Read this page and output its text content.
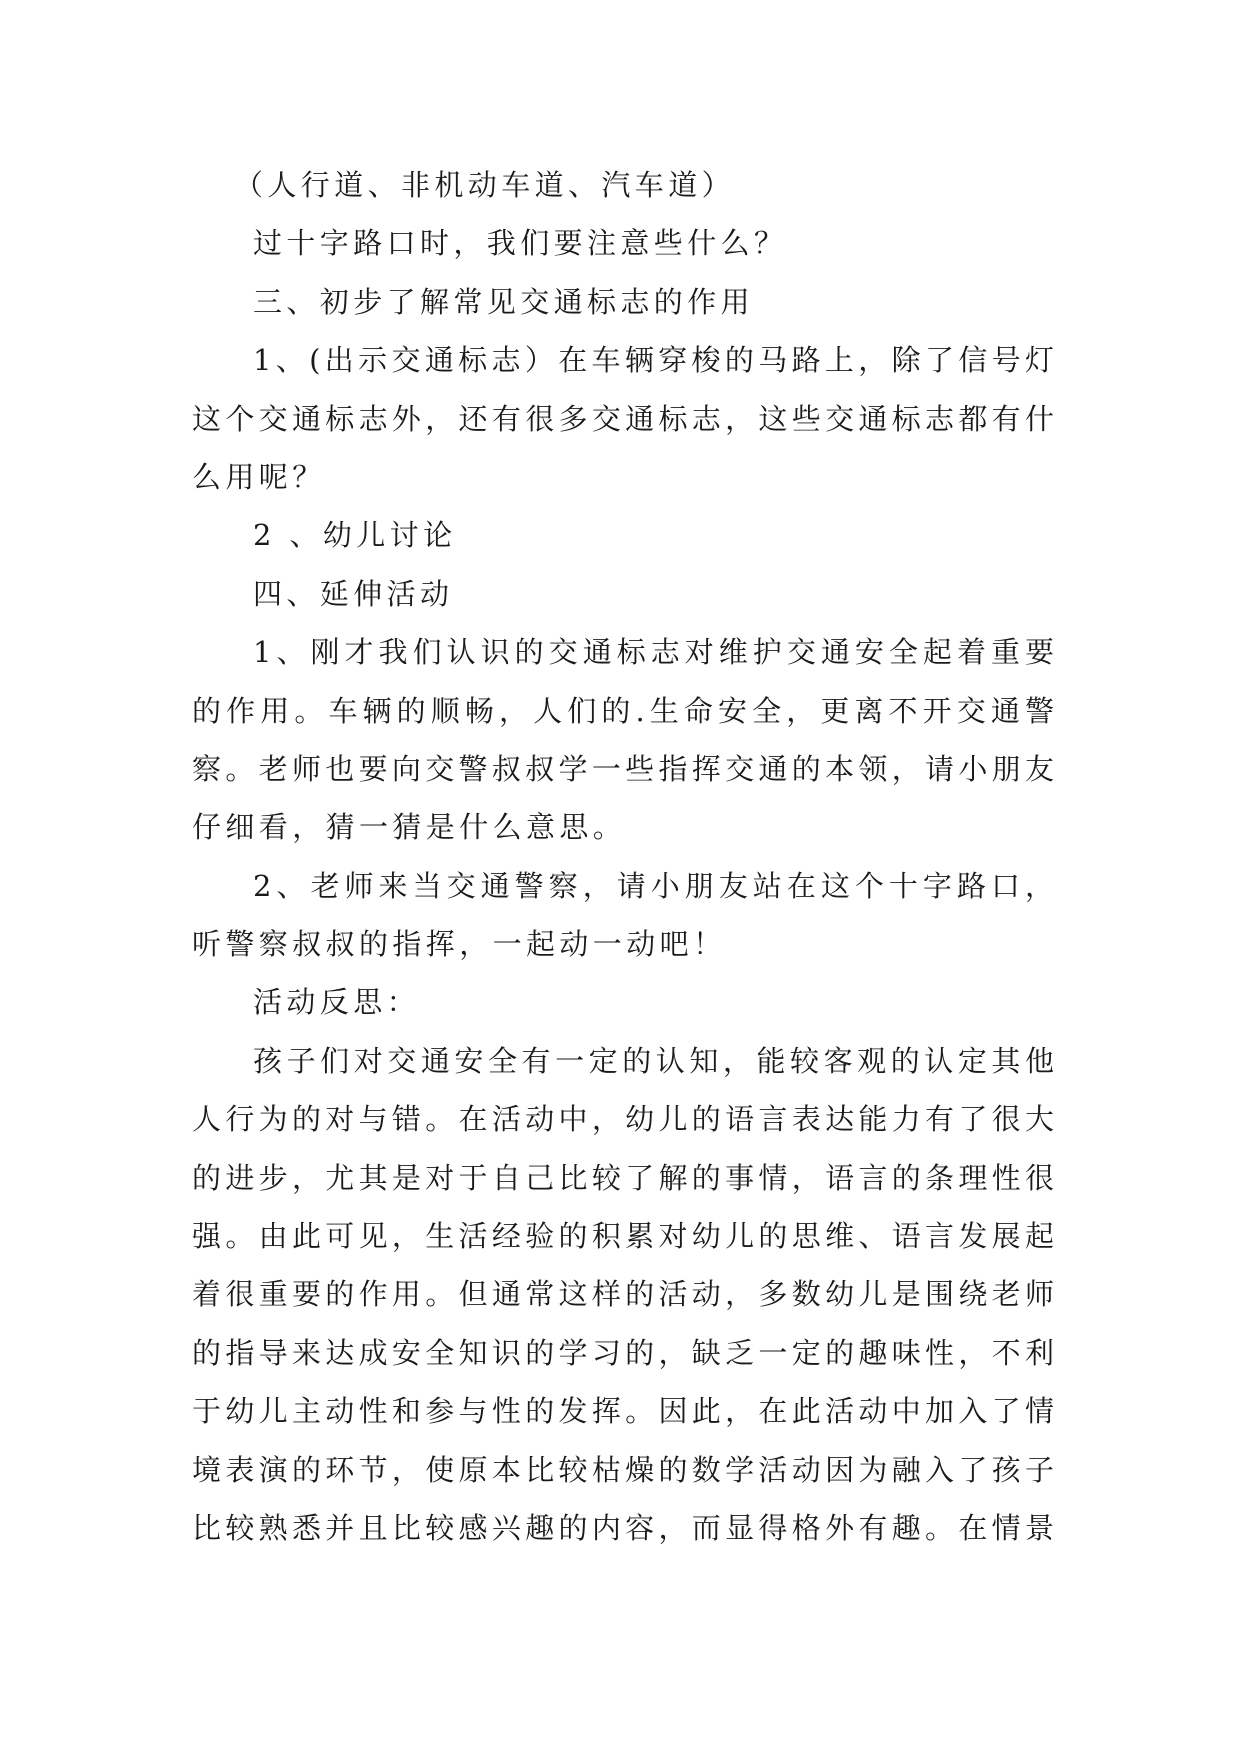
（人行道、非机动车道、汽车道）
过十字路口时，我们要注意些什么？
三、初步了解常见交通标志的作用
1、(出示交通标志）在车辆穿梭的马路上，除了信号灯
这个交通标志外，还有很多交通标志，这些交通标志都有什
么用呢？
2 、幼儿讨论
四、延伸活动
1、刚才我们认识的交通标志对维护交通安全起着重要
的作用。车辆的顺畅，人们的.生命安全，更离不开交通警
察。老师也要向交警叔叔学一些指挥交通的本领，请小朋友
仔细看，猜一猜是什么意思。
2、老师来当交通警察，请小朋友站在这个十字路口，
听警察叔叔的指挥，一起动一动吧！
活动反思：
孩子们对交通安全有一定的认知，能较客观的认定其他
人行为的对与错。在活动中，幼儿的语言表达能力有了很大
的进步，尤其是对于自己比较了解的事情，语言的条理性很
强。由此可见，生活经验的积累对幼儿的思维、语言发展起
着很重要的作用。但通常这样的活动，多数幼儿是围绕老师
的指导来达成安全知识的学习的，缺乏一定的趣味性，不利
于幼儿主动性和参与性的发挥。因此，在此活动中加入了情
境表演的环节，使原本比较枯燥的数学活动因为融入了孩子
比较熟悉并且比较感兴趣的内容，而显得格外有趣。在情景
